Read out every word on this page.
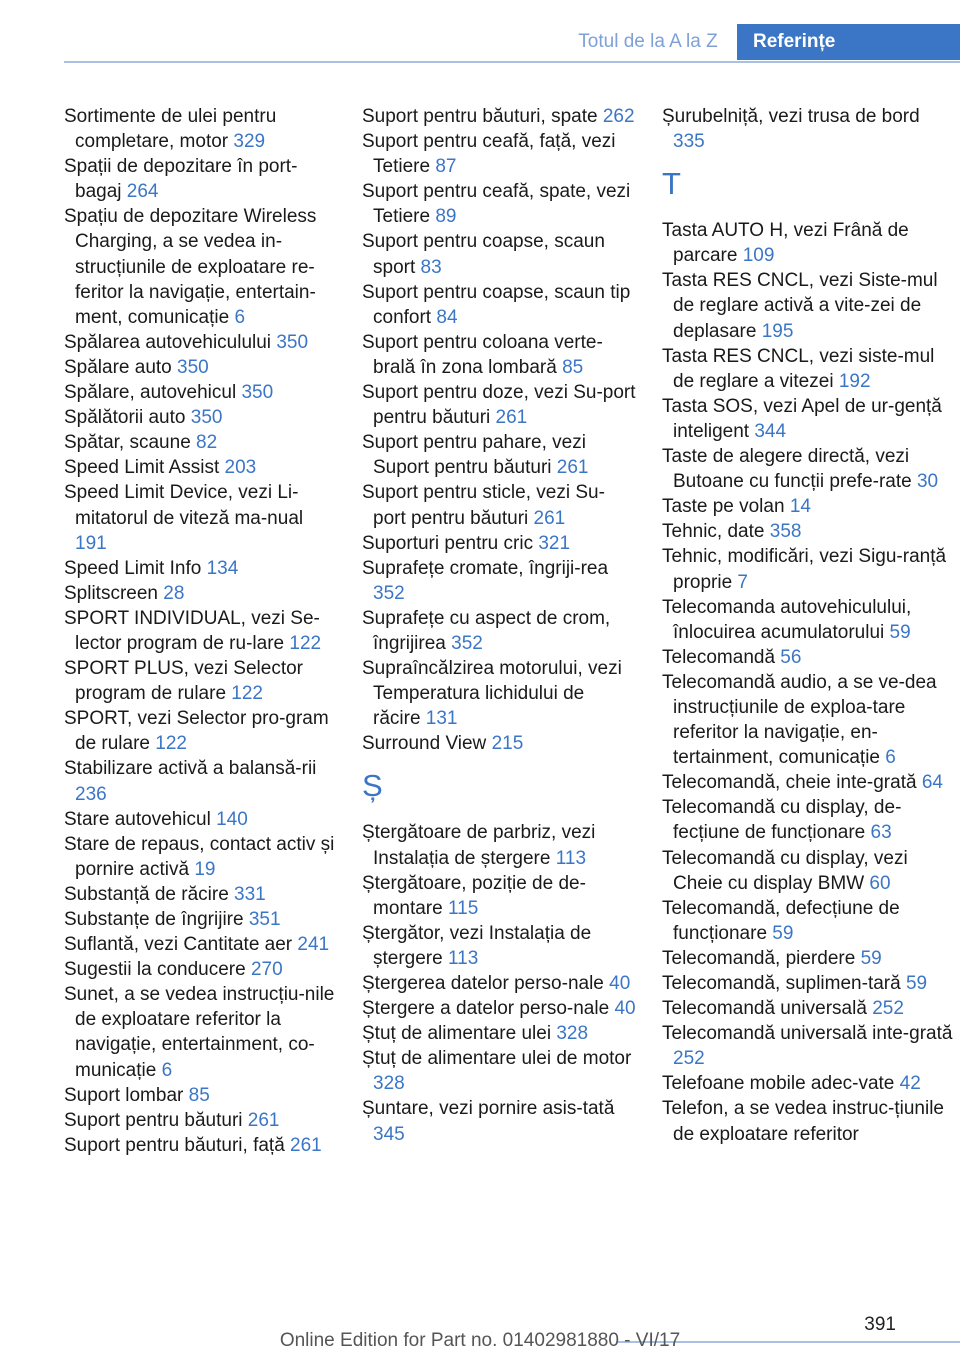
Totul de la A la Z	Referințe
Sortimente de ulei pentru completare, motor 329
Spații de depozitare în port-bagaj 264
Spațiu de depozitare Wireless Charging, a se vedea in-strucțiunile de exploatare re-feritor la navigație, entertain-ment, comunicație 6
Spălarea autovehiculului 350
Spălare auto 350
Spălare, autovehicul 350
Spălătorii auto 350
Spătar, scaune 82
Speed Limit Assist 203
Speed Limit Device, vezi Li-mitatorul de viteză ma-nual 191
Speed Limit Info 134
Splitscreen 28
SPORT INDIVIDUAL, vezi Se-lector program de ru-lare 122
SPORT PLUS, vezi Selector program de rulare 122
SPORT, vezi Selector pro-gram de rulare 122
Stabilizare activă a balansă-rii 236
Stare autovehicul 140
Stare de repaus, contact activ și pornire activă 19
Substanță de răcire 331
Substanțe de îngrijire 351
Suflantă, vezi Cantitate aer 241
Sugestii la conducere 270
Sunet, a se vedea instrucțiu-nile de exploatare referitor la navigație, entertainment, co-municație 6
Suport lombar 85
Suport pentru băuturi 261
Suport pentru băuturi, față 261
Suport pentru băuturi, spate 262
Suport pentru ceafă, față, vezi Tetiere 87
Suport pentru ceafă, spate, vezi Tetiere 89
Suport pentru coapse, scaun sport 83
Suport pentru coapse, scaun tip confort 84
Suport pentru coloana verte-brală în zona lombară 85
Suport pentru doze, vezi Su-port pentru băuturi 261
Suport pentru pahare, vezi Suport pentru băuturi 261
Suport pentru sticle, vezi Su-port pentru băuturi 261
Suporturi pentru cric 321
Suprafețe cromate, îngriji-rea 352
Suprafețe cu aspect de crom, îngrijirea 352
Supraîncălzirea motorului, vezi Temperatura lichidului de răcire 131
Surround View 215
Ș
Ștergătoare de parbriz, vezi Instalația de ștergere 113
Ștergătoare, poziție de de-montare 115
Ștergător, vezi Instalația de ștergere 113
Ștergerea datelor perso-nale 40
Ștergere a datelor perso-nale 40
Ștuț de alimentare ulei 328
Ștuț de alimentare ulei de motor 328
Șuntare, vezi pornire asis-tată 345
Șurubelniță, vezi trusa de bord 335
T
Tasta AUTO H, vezi Frână de parcare 109
Tasta RES CNCL, vezi Siste-mul de reglare activă a vite-zei de deplasare 195
Tasta RES CNCL, vezi siste-mul de reglare a vitezei 192
Tasta SOS, vezi Apel de ur-gență inteligent 344
Taste de alegere directă, vezi Butoane cu funcții prefe-rate 30
Taste pe volan 14
Tehnic, date 358
Tehnic, modificări, vezi Sigu-ranță proprie 7
Telecomanda autovehiculului, înlocuirea acumulatorului 59
Telecomandă 56
Telecomandă audio, a se ve-dea instrucțiunile de exploa-tare referitor la navigație, en-tertainment, comunicație 6
Telecomandă, cheie inte-grată 64
Telecomandă cu display, de-fecțiune de funcționare 63
Telecomandă cu display, vezi Cheie cu display BMW 60
Telecomandă, defecțiune de funcționare 59
Telecomandă, pierdere 59
Telecomandă, suplimen-tară 59
Telecomandă universală 252
Telecomandă universală inte-grată 252
Telefoane mobile adec-vate 42
Telefon, a se vedea instruc-țiunile de exploatare referitor
391
Online Edition for Part no. 01402981880 - VI/17
